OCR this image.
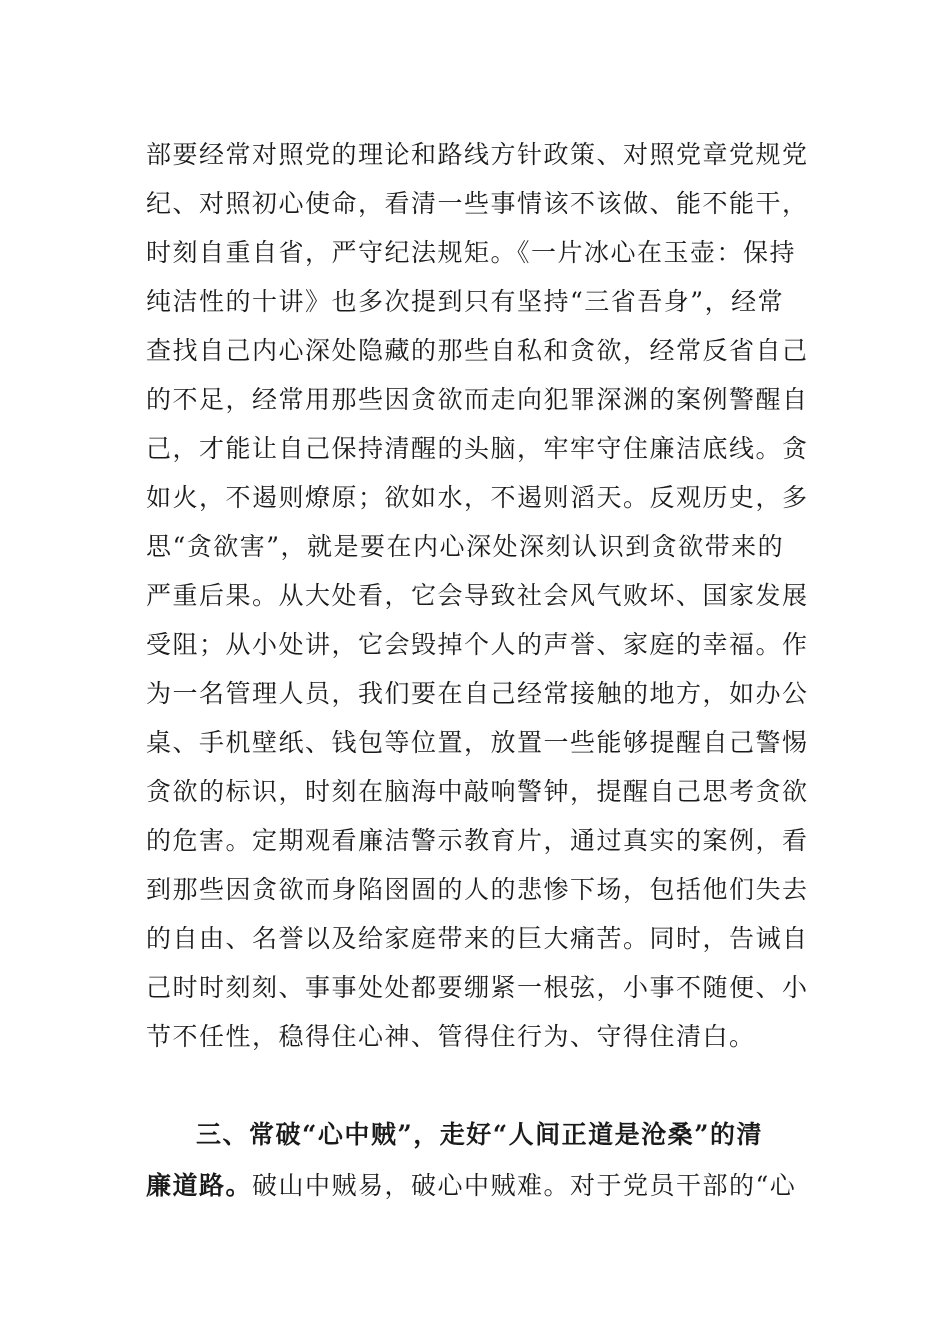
部要经常对照党的理论和路线方针政策、对照党章党规党
纪、对照初心使命，看清一些事情该不该做、能不能干，
时刻自重自省，严守纪法规矩。《一片冰心在玉壶：保持
纯洁性的十讲》也多次提到只有坚持“三省吾身”，经常
查找自己内心深处隐藏的那些自私和贪欲，经常反省自己
的不足，经常用那些因贪欲而走向犯罪深渊的案例警醒自
己，才能让自己保持清醒的头脑，牢牢守住廉洁底线。贪
如火，不遏则燎原；欲如水，不遏则滔天。反观历史，多
思“贪欲害”，就是要在内心深处深刻认识到贪欲带来的
严重后果。从大处看，它会导致社会风气败坏、国家发展
受阻；从小处讲，它会毁掉个人的声誉、家庭的幸福。作
为一名管理人员，我们要在自己经常接触的地方，如办公
桌、手机壁纸、钱包等位置，放置一些能够提醒自己警惕
贪欲的标识，时刻在脑海中敲响警钟，提醒自己思考贪欲
的危害。定期观看廉洁警示教育片，通过真实的案例，看
到那些因贪欲而身陷囹圄的人的悲惨下场，包括他们失去
的自由、名誉以及给家庭带来的巨大痛苦。同时，告诫自
己时时刻刻、事事处处都要绷紧一根弦，小事不随便、小
节不任性，稳得住心神、管得住行为、守得住清白。
三、常破“心中贼”，走好“人间正道是沧桑”的清
廉道路。破山中贼易，破心中贼难。对于党员干部的“心
